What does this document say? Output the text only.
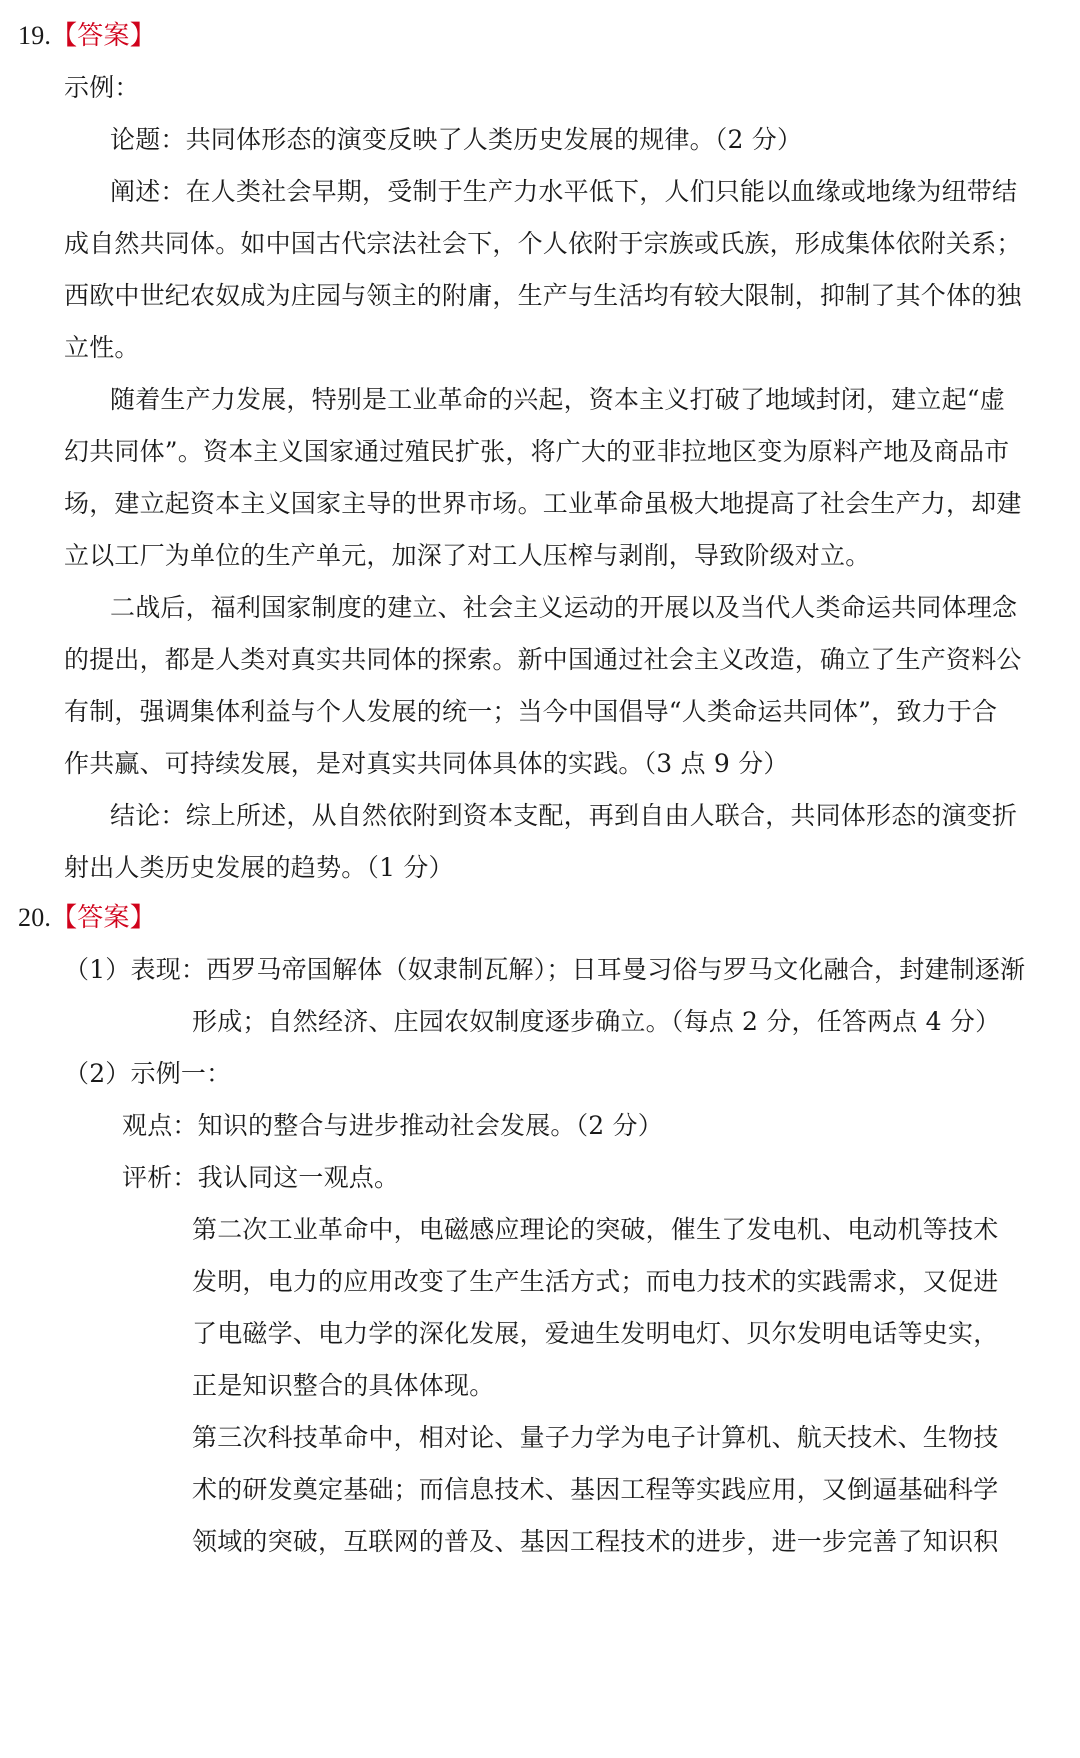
19.【答案】
示例：
论题：共同体形态的演变反映了人类历史发展的规律。（2 分）
阐述：在人类社会早期，受制于生产力水平低下，人们只能以血缘或地缘为纽带结
成自然共同体。如中国古代宗法社会下，个人依附于宗族或氏族，形成集体依附关系；
西欧中世纪农奴成为庄园与领主的附庸，生产与生活均有较大限制，抑制了其个体的独
立性。
随着生产力发展，特别是工业革命的兴起，资本主义打破了地域封闭，建立起“虚
幻共同体”。资本主义国家通过殖民扩张，将广大的亚非拉地区变为原料产地及商品市
场，建立起资本主义国家主导的世界市场。工业革命虽极大地提高了社会生产力，却建
立以工厂为单位的生产单元，加深了对工人压榨与剥削，导致阶级对立。
二战后，福利国家制度的建立、社会主义运动的开展以及当代人类命运共同体理念
的提出，都是人类对真实共同体的探索。新中国通过社会主义改造，确立了生产资料公
有制，强调集体利益与个人发展的统一；当今中国倡导“人类命运共同体”，致力于合
作共赢、可持续发展，是对真实共同体具体的实践。（3 点 9 分）
结论：综上所述，从自然依附到资本支配，再到自由人联合，共同体形态的演变折
射出人类历史发展的趋势。（1 分）
20.【答案】
（1）表现：西罗马帝国解体（奴隶制瓦解）；日耳曼习俗与罗马文化融合，封建制逐渐
形成；自然经济、庄园农奴制度逐步确立。（每点 2 分，任答两点 4 分）
（2）示例一：
观点：知识的整合与进步推动社会发展。（2 分）
评析：我认同这一观点。
第二次工业革命中，电磁感应理论的突破，催生了发电机、电动机等技术
发明，电力的应用改变了生产生活方式；而电力技术的实践需求，又促进
了电磁学、电力学的深化发展，爱迪生发明电灯、贝尔发明电话等史实，
正是知识整合的具体体现。
第三次科技革命中，相对论、量子力学为电子计算机、航天技术、生物技
术的研发奠定基础；而信息技术、基因工程等实践应用，又倒逼基础科学
领域的突破，互联网的普及、基因工程技术的进步，进一步完善了知识积
